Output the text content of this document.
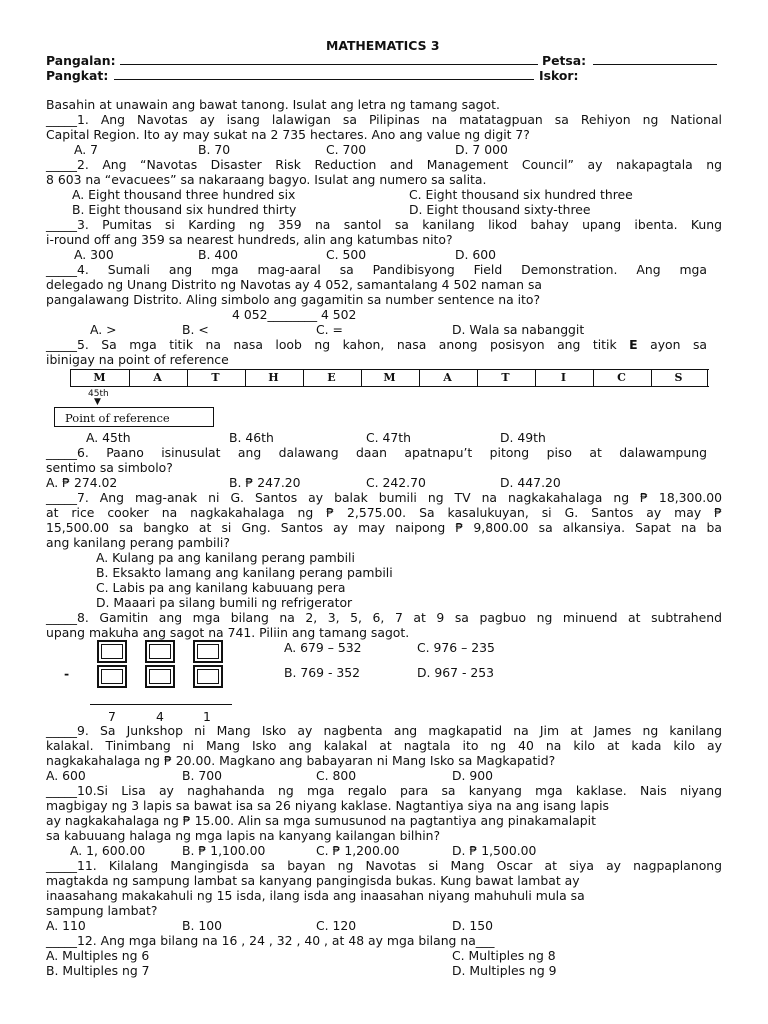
MATHEMATICS 3
Pangalan:	Petsa:
Pangkat:	Iskor:
Basahin at unawain ang bawat tanong. Isulat ang letra ng tamang sagot.
_____1. Ang Navotas ay isang lalawigan sa Pilipinas na matatagpuan sa Rehiyon ng National
Capital Region. Ito ay may sukat na 2 735 hectares. Ano ang value ng digit 7?
A. 7	B. 70	C. 700	D. 7 000
_____2. Ang “Navotas Disaster Risk Reduction and Management Council” ay nakapagtala ng
8 603 na “evacuees” sa nakaraang bagyo. Isulat ang numero sa salita.
A. Eight thousand three hundred six	C. Eight thousand six hundred three
B. Eight thousand six hundred thirty	D. Eight thousand sixty-three
_____3. Pumitas si Karding ng 359 na santol sa kanilang likod bahay upang ibenta. Kung
i-round off ang 359 sa nearest hundreds, alin ang katumbas nito?
A. 300	B. 400	C. 500	D. 600
_____4. Sumali ang mga mag-aaral sa Pandibisyong Field Demonstration. Ang mga
delegado ng Unang Distrito ng Navotas ay 4 052, samantalang 4 502 naman sa
pangalawang Distrito. Aling simbolo ang gagamitin sa number sentence na ito?
4 052________ 4 502
A. >	B. <	C. =	D. Wala sa nabanggit
_____5. Sa mga titik na nasa loob ng kahon, nasa anong posisyon ang titik E ayon sa
ibinigay na point of reference
M	A	T	H	E	M	A	T	I	C	S
45th
▼
Point of reference
A. 45th	B. 46th	C. 47th	D. 49th
_____6. Paano isinusulat ang dalawang daan apatnapu’t pitong piso at dalawampung
sentimo sa simbolo?
A. ₱ 274.02	B. ₱ 247.20	C. 242.70	D. 447.20
_____7. Ang mag-anak ni G. Santos ay balak bumili ng TV na nagkakahalaga ng ₱ 18,300.00
at rice cooker na nagkakahalaga ng ₱ 2,575.00. Sa kasalukuyan, si G. Santos ay may ₱
15,500.00 sa bangko at si Gng. Santos ay may naipong ₱ 9,800.00 sa alkansiya. Sapat na ba
ang kanilang perang pambili?
A. Kulang pa ang kanilang perang pambili
B. Eksakto lamang ang kanilang perang pambili
C. Labis pa ang kanilang kabuuang pera
D. Maaari pa silang bumili ng refrigerator
_____8. Gamitin ang mga bilang na 2, 3, 5, 6, 7 at 9 sa pagbuo ng minuend at subtrahend
upang makuha ang sagot na 741. Piliin ang tamang sagot.
-
7	4	1
A. 679 – 532	C. 976 – 235
B. 769 - 352	D. 967 - 253
_____9. Sa Junkshop ni Mang Isko ay nagbenta ang magkapatid na Jim at James ng kanilang
kalakal. Tinimbang ni Mang Isko ang kalakal at nagtala ito ng 40 na kilo at kada kilo ay
nagkakahalaga ng ₱ 20.00. Magkano ang babayaran ni Mang Isko sa Magkapatid?
A. 600	B. 700	C. 800	D. 900
_____10.Si Lisa ay naghahanda ng mga regalo para sa kanyang mga kaklase. Nais niyang
magbigay ng 3 lapis sa bawat isa sa 26 niyang kaklase. Nagtantiya siya na ang isang lapis
ay nagkakahalaga ng ₱ 15.00. Alin sa mga sumusunod na pagtantiya ang pinakamalapit
sa kabuuang halaga ng mga lapis na kanyang kailangan bilhin?
A. 1, 600.00	B. ₱ 1,100.00	C. ₱ 1,200.00	D. ₱ 1,500.00
_____11. Kilalang Mangingisda sa bayan ng Navotas si Mang Oscar at siya ay nagpaplanong
magtakda ng sampung lambat sa kanyang pangingisda bukas. Kung bawat lambat ay
inaasahang makakahuli ng 15 isda, ilang isda ang inaasahan niyang mahuhuli mula sa
sampung lambat?
A. 110	B. 100	C. 120	D. 150
_____12. Ang mga bilang na 16 , 24 , 32 , 40 , at 48 ay mga bilang na___
A. Multiples ng 6	C. Multiples ng 8
B. Multiples ng 7	D. Multiples ng 9
